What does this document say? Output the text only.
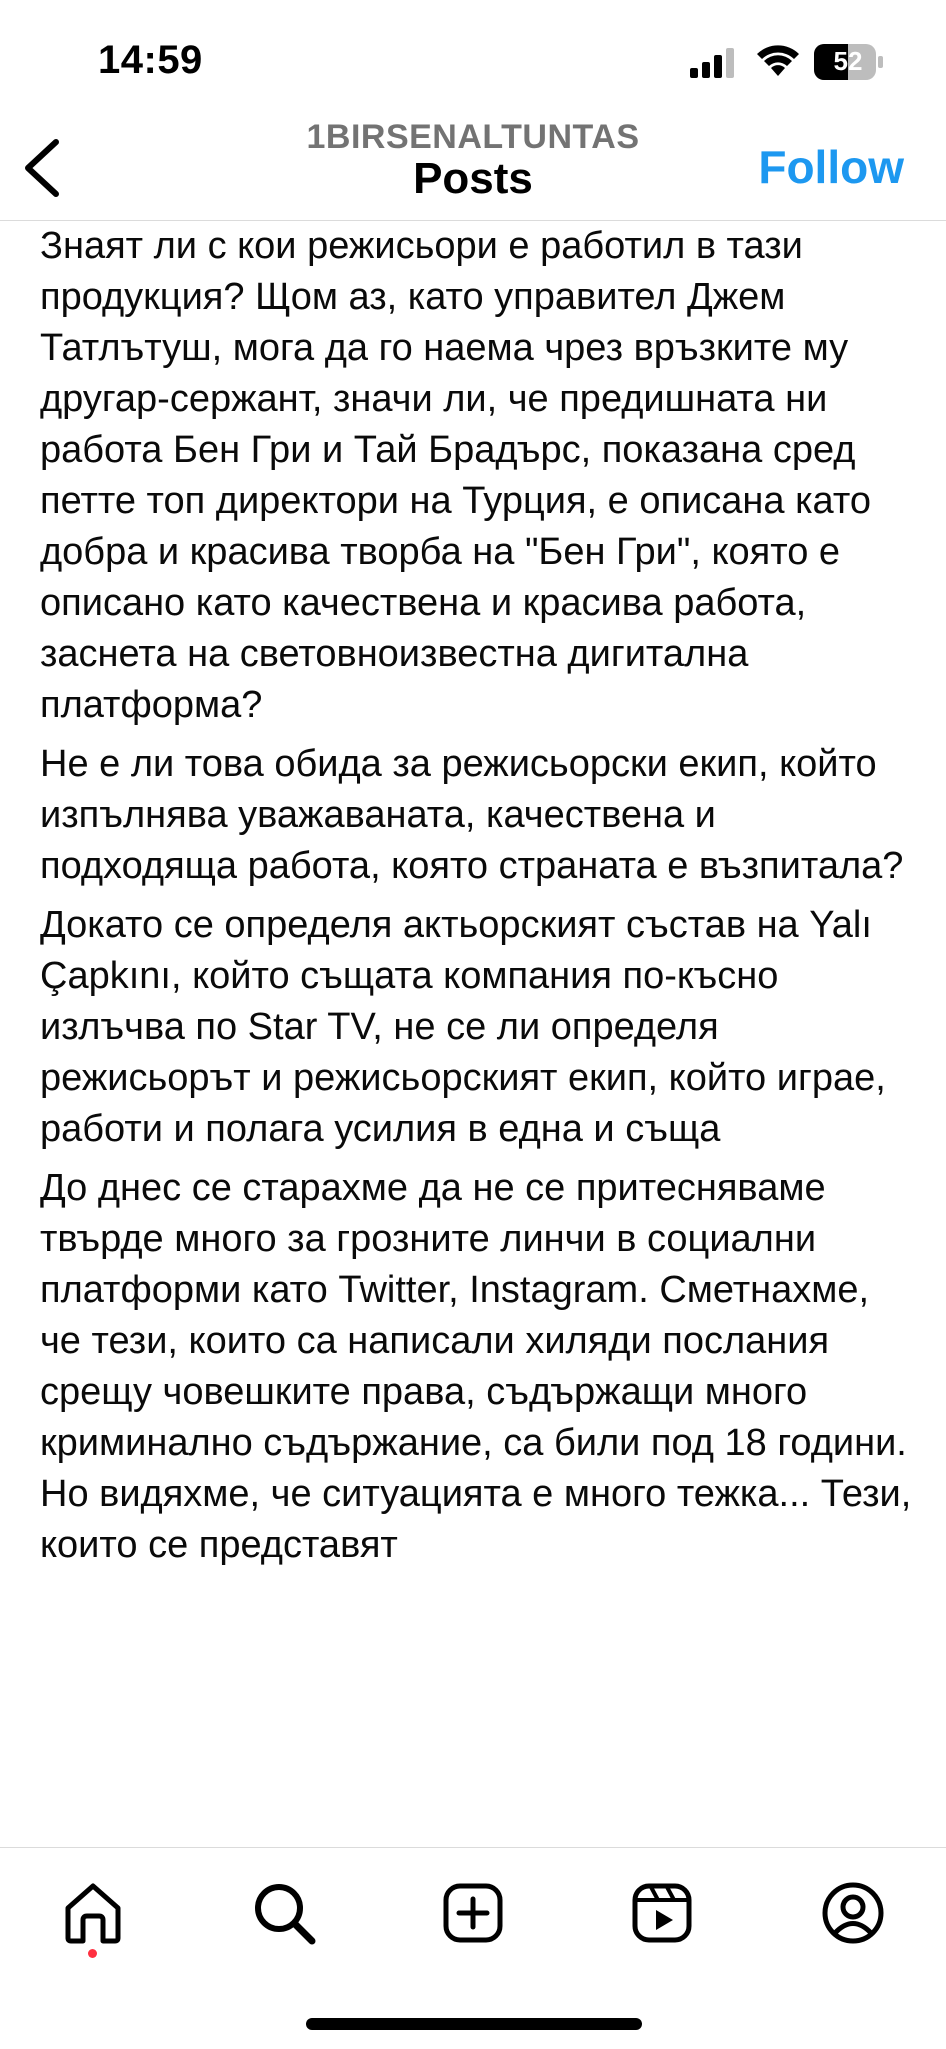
14:59	52
1BIRSENALTUNTAS
Posts	Follow

Знаят ли с кои режисьори е работил в тази продукция? Щом аз, като управител Джем Татлътуш, мога да го наема чрез връзките му другар-сержант, значи ли, че предишната ни работа Бен Гри и Тай Брадърс, показана сред петте топ директори на Турция, е описана като добра и красива творба на "Бен Гри", която е описано като качествена и красива работа, заснета на световноизвестна дигитална платформа?

Не е ли това обида за режисьорски екип, който изпълнява уважаваната, качествена и подходяща работа, която страната е възпитала?

Докато се определя актьорският състав на Yalı Çapkını, който същата компания по-късно излъчва по Star TV, не се ли определя режисьорът и режисьорският екип, който играе, работи и полага усилия в една и съща

До днес се старахме да не се притесняваме твърде много за грозните линчи в социални платформи като Twitter, Instagram. Сметнахме, че тези, които са написали хиляди послания срещу човешките права, съдържащи много криминално съдържание, са били под 18 години. Но видяхме, че ситуацията е много тежка... Тези, които се представят
